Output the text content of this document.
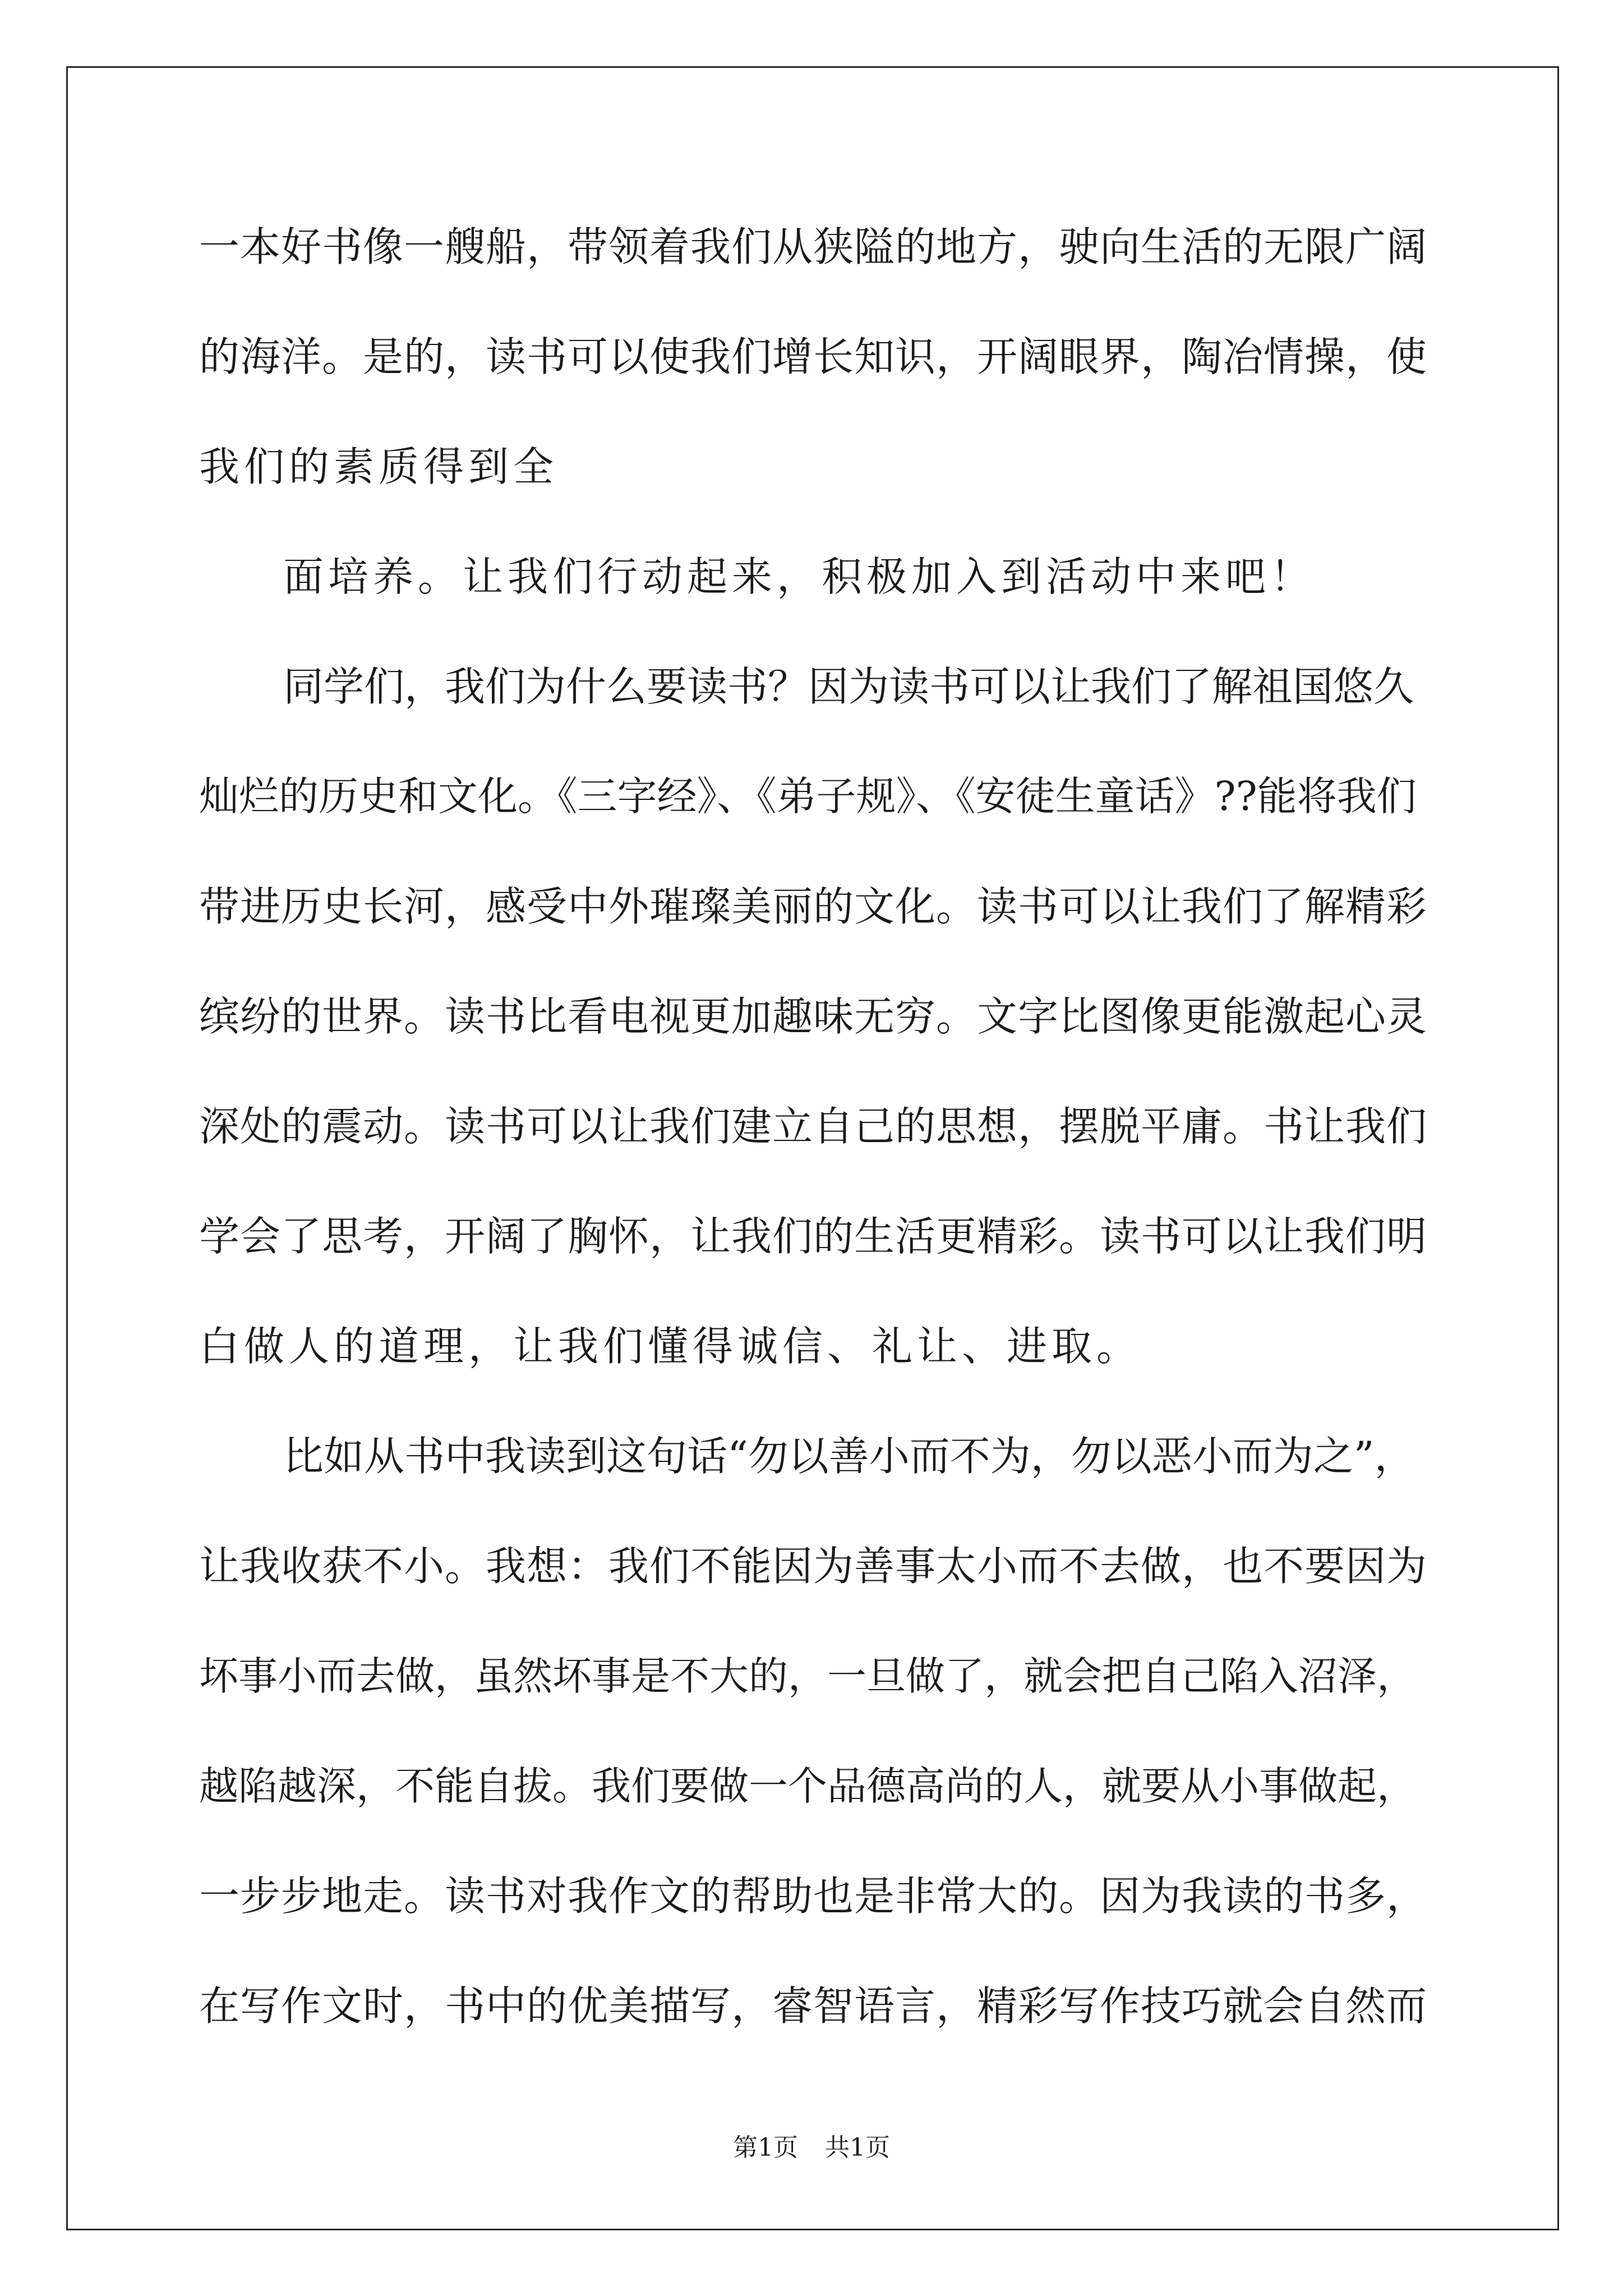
一本好书像一艘船，带领着我们从狭隘的地方，驶向生活的无限广阔
的海洋。是的，读书可以使我们增长知识，开阔眼界，陶冶情操，使
我们的素质得到全
面培养。让我们行动起来，积极加入到活动中来吧！
同学们，我们为什么要读书？因为读书可以让我们了解祖国悠久
灿烂的历史和文化。《三字经》、《弟子规》、《安徒生童话》??能将我们
带进历史长河，感受中外璀璨美丽的文化。读书可以让我们了解精彩
缤纷的世界。读书比看电视更加趣味无穷。文字比图像更能激起心灵
深处的震动。读书可以让我们建立自己的思想，摆脱平庸。书让我们
学会了思考，开阔了胸怀，让我们的生活更精彩。读书可以让我们明
白做人的道理，让我们懂得诚信、礼让、进取。
比如从书中我读到这句话“勿以善小而不为，勿以恶小而为之”，
让我收获不小。我想：我们不能因为善事太小而不去做，也不要因为
坏事小而去做，虽然坏事是不大的，一旦做了，就会把自己陷入沼泽，
越陷越深，不能自拔。我们要做一个品德高尚的人，就要从小事做起，
一步步地走。读书对我作文的帮助也是非常大的。因为我读的书多，
在写作文时，书中的优美描写，睿智语言，精彩写作技巧就会自然而
第1页 共1页
